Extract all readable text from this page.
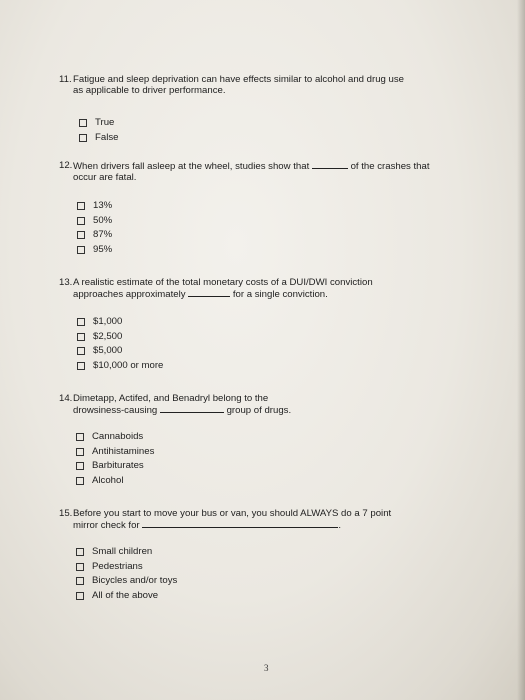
11. Fatigue and sleep deprivation can have effects similar to alcohol and drug use
as applicable to driver performance.
True
False
12. When drivers fall asleep at the wheel, studies show that	of the crashes that
occur are fatal.
13%
50%
87%
95%
13. A realistic estimate of the total monetary costs of a DUI/DWI conviction
approaches approximately	for a single conviction.
$1,000
$2,500
$5,000
$10,000 or more
14. Dimetapp, Actifed, and Benadryl belong to the
drowsiness-causing	group of drugs.
Cannaboids
Antihistamines
Barbiturates
Alcohol
15. Before you start to move your bus or van, you should ALWAYS do a 7 point
mirror check for	.
Small children
Pedestrians
Bicycles and/or toys
All of the above
3
